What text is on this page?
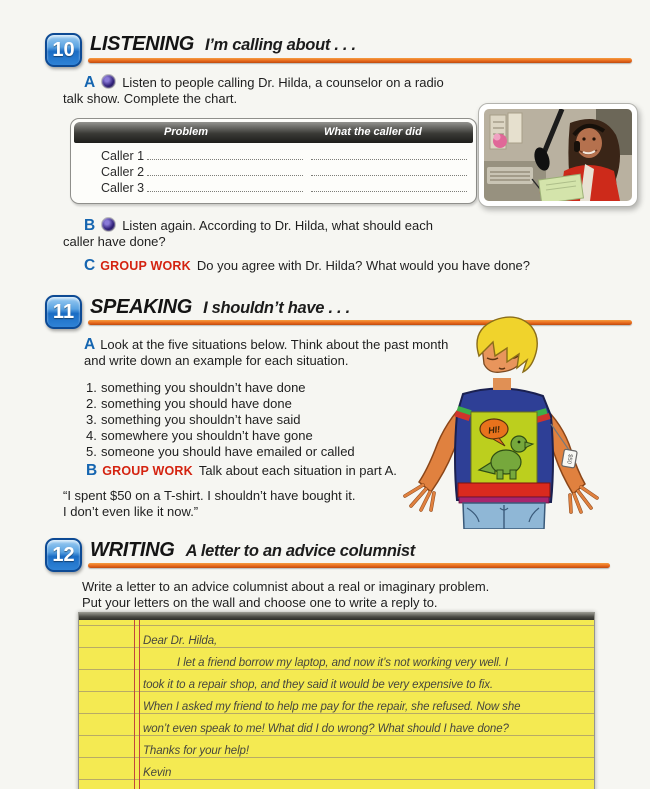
10 LISTENING I’m calling about . . .
A Listen to people calling Dr. Hilda, a counselor on a radio
talk show. Complete the chart.
Problem	What the caller did
Caller 1
Caller 2
Caller 3
B Listen again. According to Dr. Hilda, what should each
caller have done?
C GROUP WORK Do you agree with Dr. Hilda? What would you have done?
11 SPEAKING I shouldn’t have . . .
A Look at the five situations below. Think about the past month
and write down an example for each situation.
1. something you shouldn’t have done
2. something you should have done
3. something you shouldn’t have said
4. somewhere you shouldn’t have gone
5. someone you should have emailed or called
B GROUP WORK Talk about each situation in part A.
“I spent $50 on a T-shirt. I shouldn’t have bought it.
I don’t even like it now.”
HI!
$50
12 WRITING A letter to an advice columnist
Write a letter to an advice columnist about a real or imaginary problem.
Put your letters on the wall and choose one to write a reply to.
Dear Dr. Hilda,
I let a friend borrow my laptop, and now it’s not working very well. I
took it to a repair shop, and they said it would be very expensive to fix.
When I asked my friend to help me pay for the repair, she refused. Now she
won’t even speak to me! What did I do wrong? What should I have done?
Thanks for your help!
Kevin
